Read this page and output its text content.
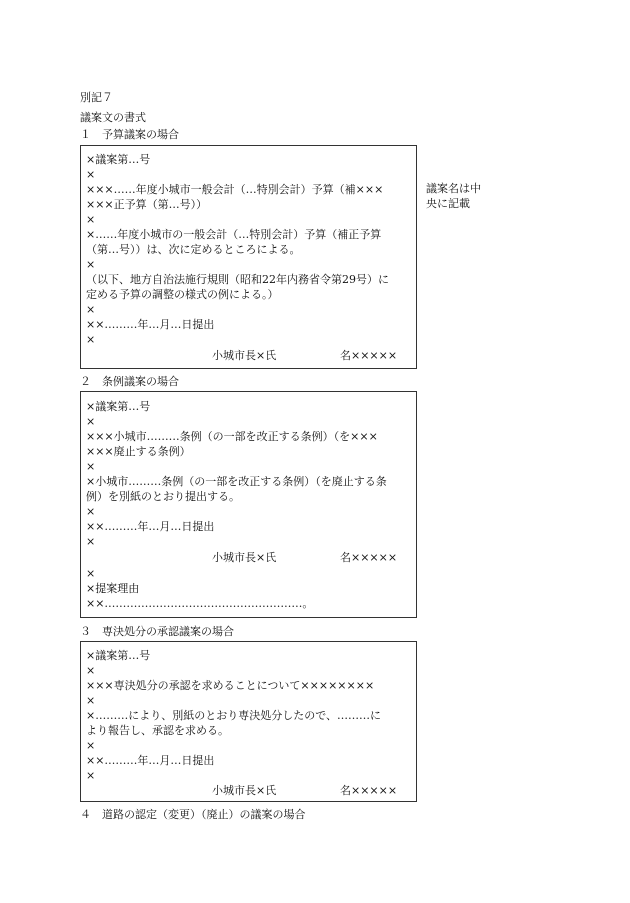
別記７
議案文の書式
１　予算議案の場合
×議案第…号
×
×××……年度小城市一般会計（…特別会計）予算（補×××
×××正予算（第…号））
×
×……年度小城市の一般会計（…特別会計）予算（補正予算
（第…号））は、次に定めるところによる。
×
（以下、地方自治法施行規則（昭和22年内務省令第29号）に
定める予算の調整の様式の例による。）
×
××………年…月…日提出
×
小城市長×氏	名×××××
議案名は中
央に記載
２　条例議案の場合
×議案第…号
×
×××小城市………条例（の一部を改正する条例）（を×××
×××廃止する条例）
×
×小城市………条例（の一部を改正する条例）（を廃止する条
例）を別紙のとおり提出する。
×
××………年…月…日提出
×
小城市長×氏	名×××××
×
×提案理由
××………………………………………………。
３　専決処分の承認議案の場合
×議案第…号
×
×××専決処分の承認を求めることについて××××××××
×
×………により、別紙のとおり専決処分したので、………に
より報告し、承認を求める。
×
××………年…月…日提出
×
小城市長×氏	名×××××
４　道路の認定（変更）（廃止）の議案の場合
